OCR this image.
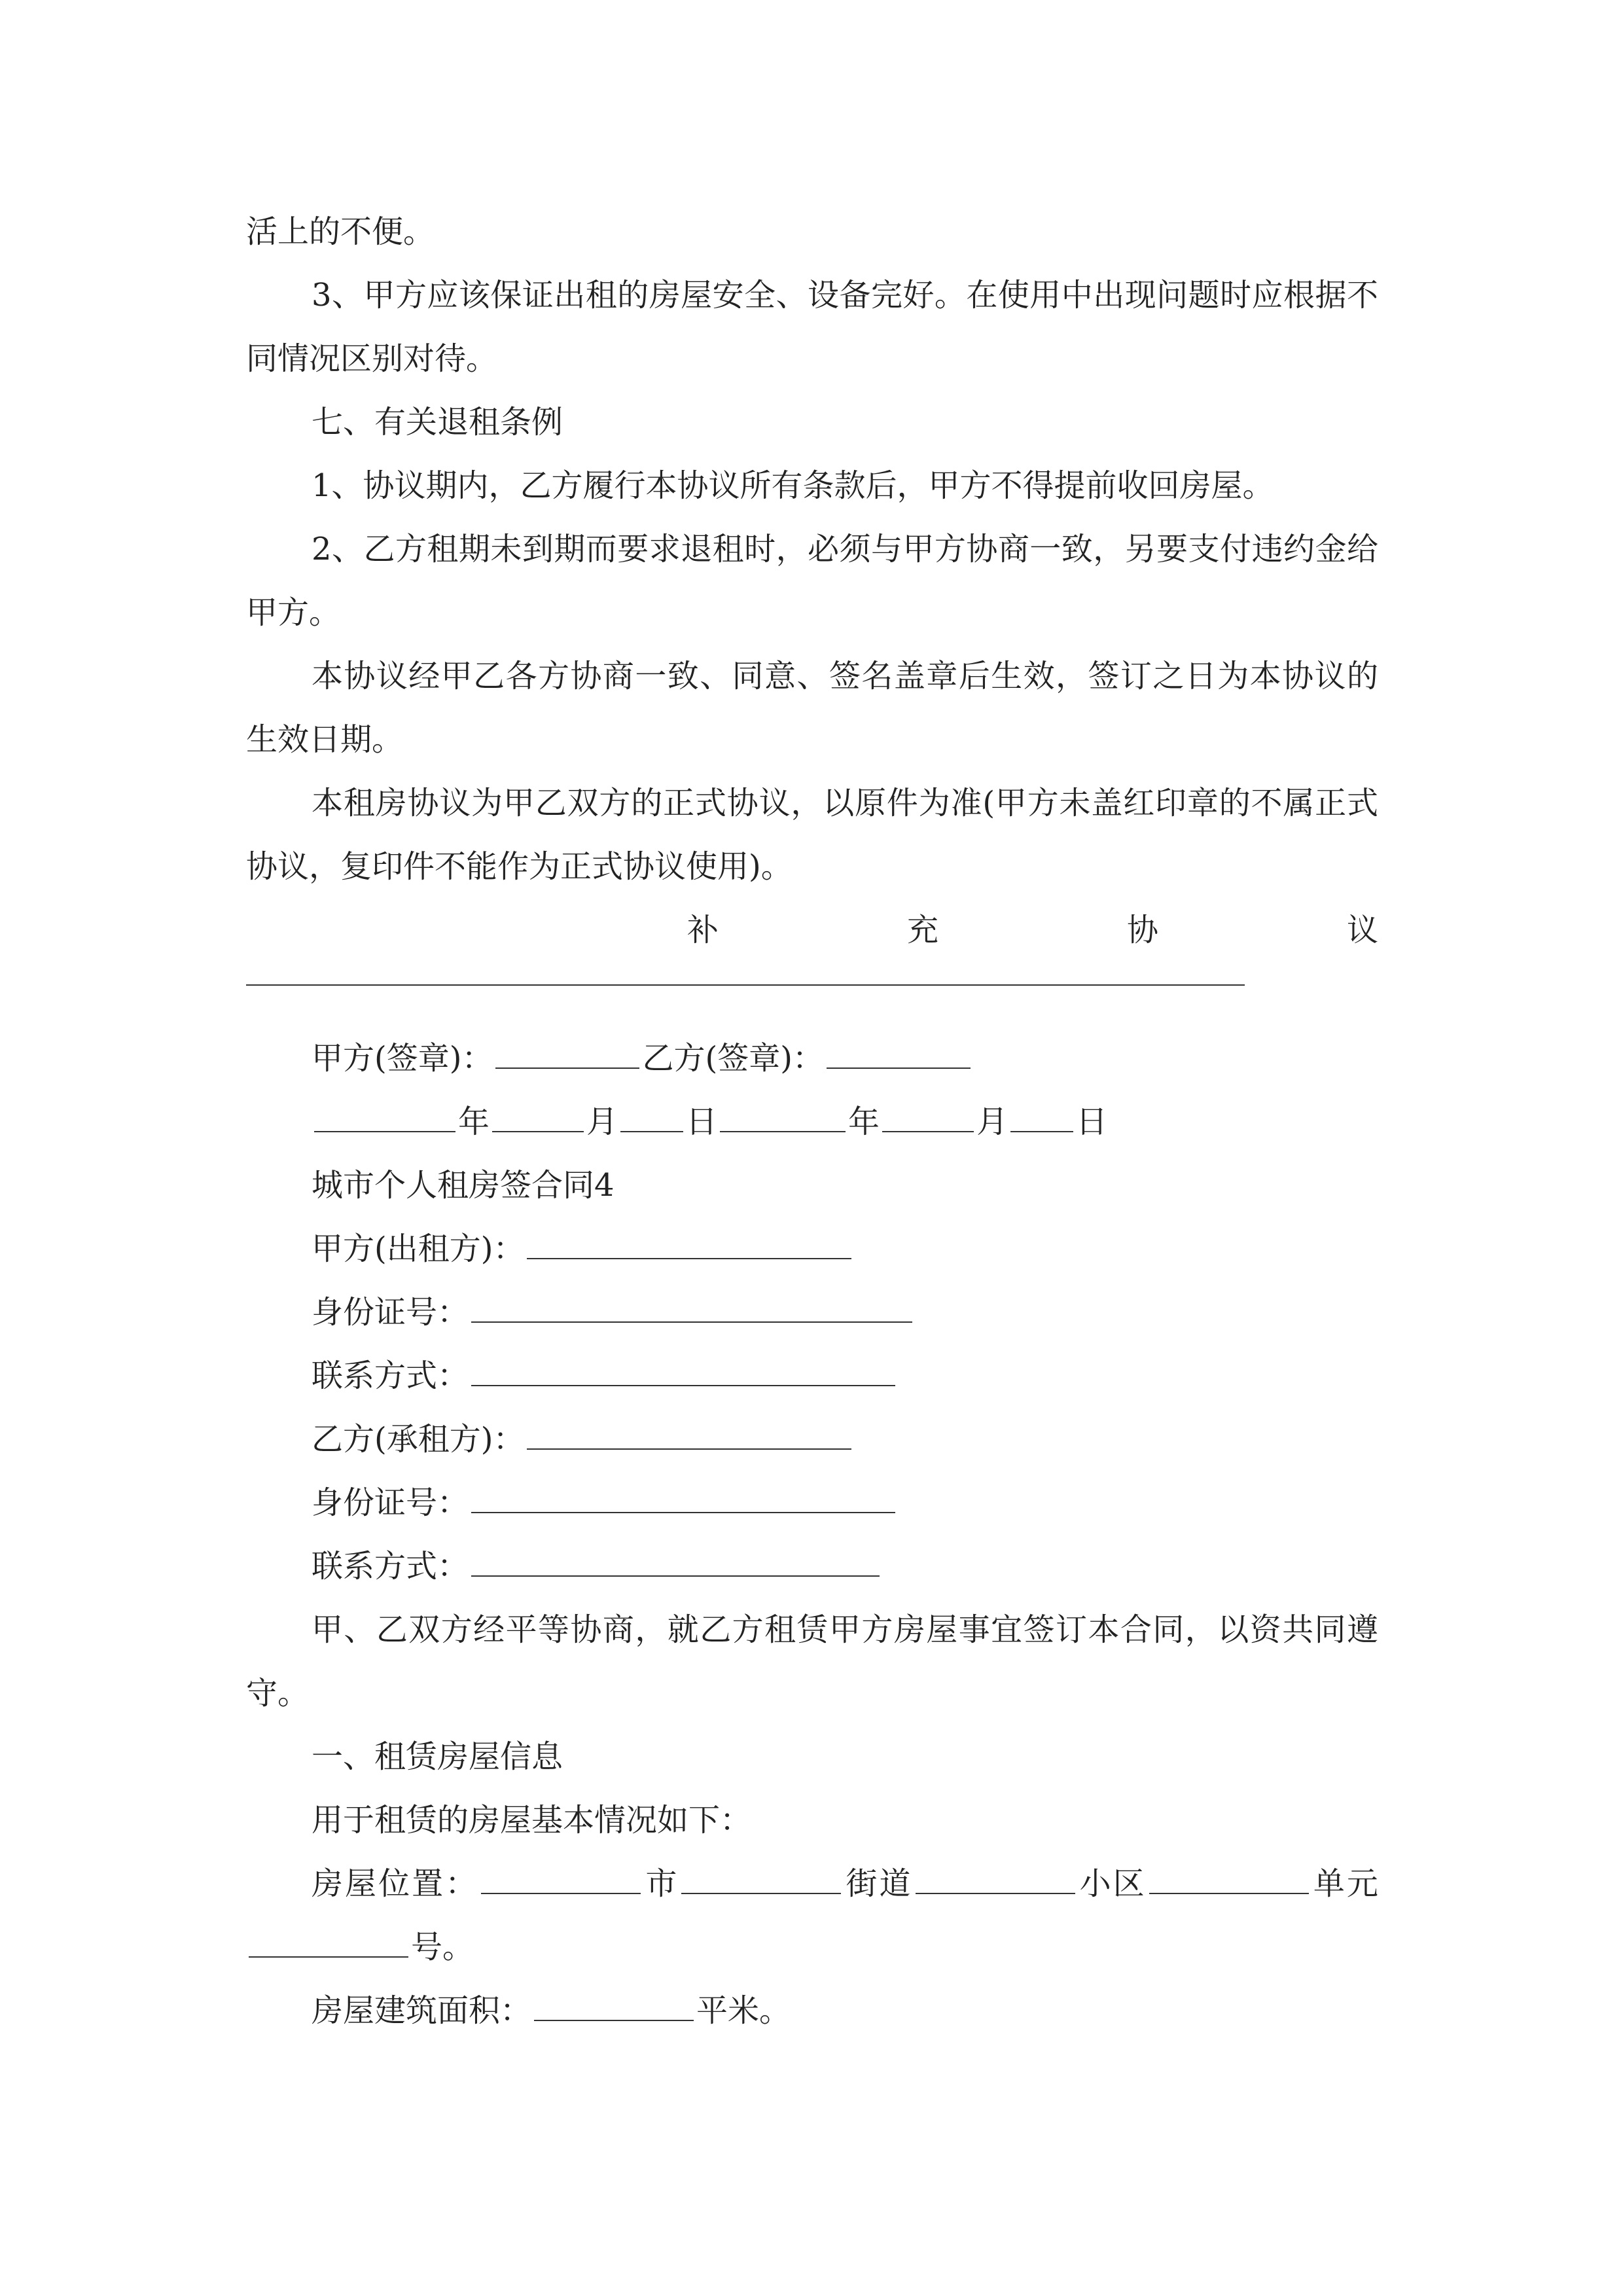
活上的不便。

3、甲方应该保证出租的房屋安全、设备完好。在使用中出现问题时应根据不同情况区别对待。

七、有关退租条例

1、协议期内，乙方履行本协议所有条款后，甲方不得提前收回房屋。

2、乙方租期未到期而要求退租时，必须与甲方协商一致，另要支付违约金给甲方。

本协议经甲乙各方协商一致、同意、签名盖章后生效，签订之日为本协议的生效日期。

本租房协议为甲乙双方的正式协议，以原件为准(甲方未盖红印章的不属正式协议，复印件不能作为正式协议使用)。

补	充	协	议

甲方(签章)：	乙方(签章)：

年	月 日	年	月 日

城市个人租房签合同4

甲方(出租方)：

身份证号：

联系方式：

乙方(承租方)：

身份证号：

联系方式：

甲、乙双方经平等协商，就乙方租赁甲方房屋事宜签订本合同，以资共同遵守。

一、租赁房屋信息

用于租赁的房屋基本情况如下：

房屋位置：	市	街道	小区	单元号。

房屋建筑面积：	平米。
